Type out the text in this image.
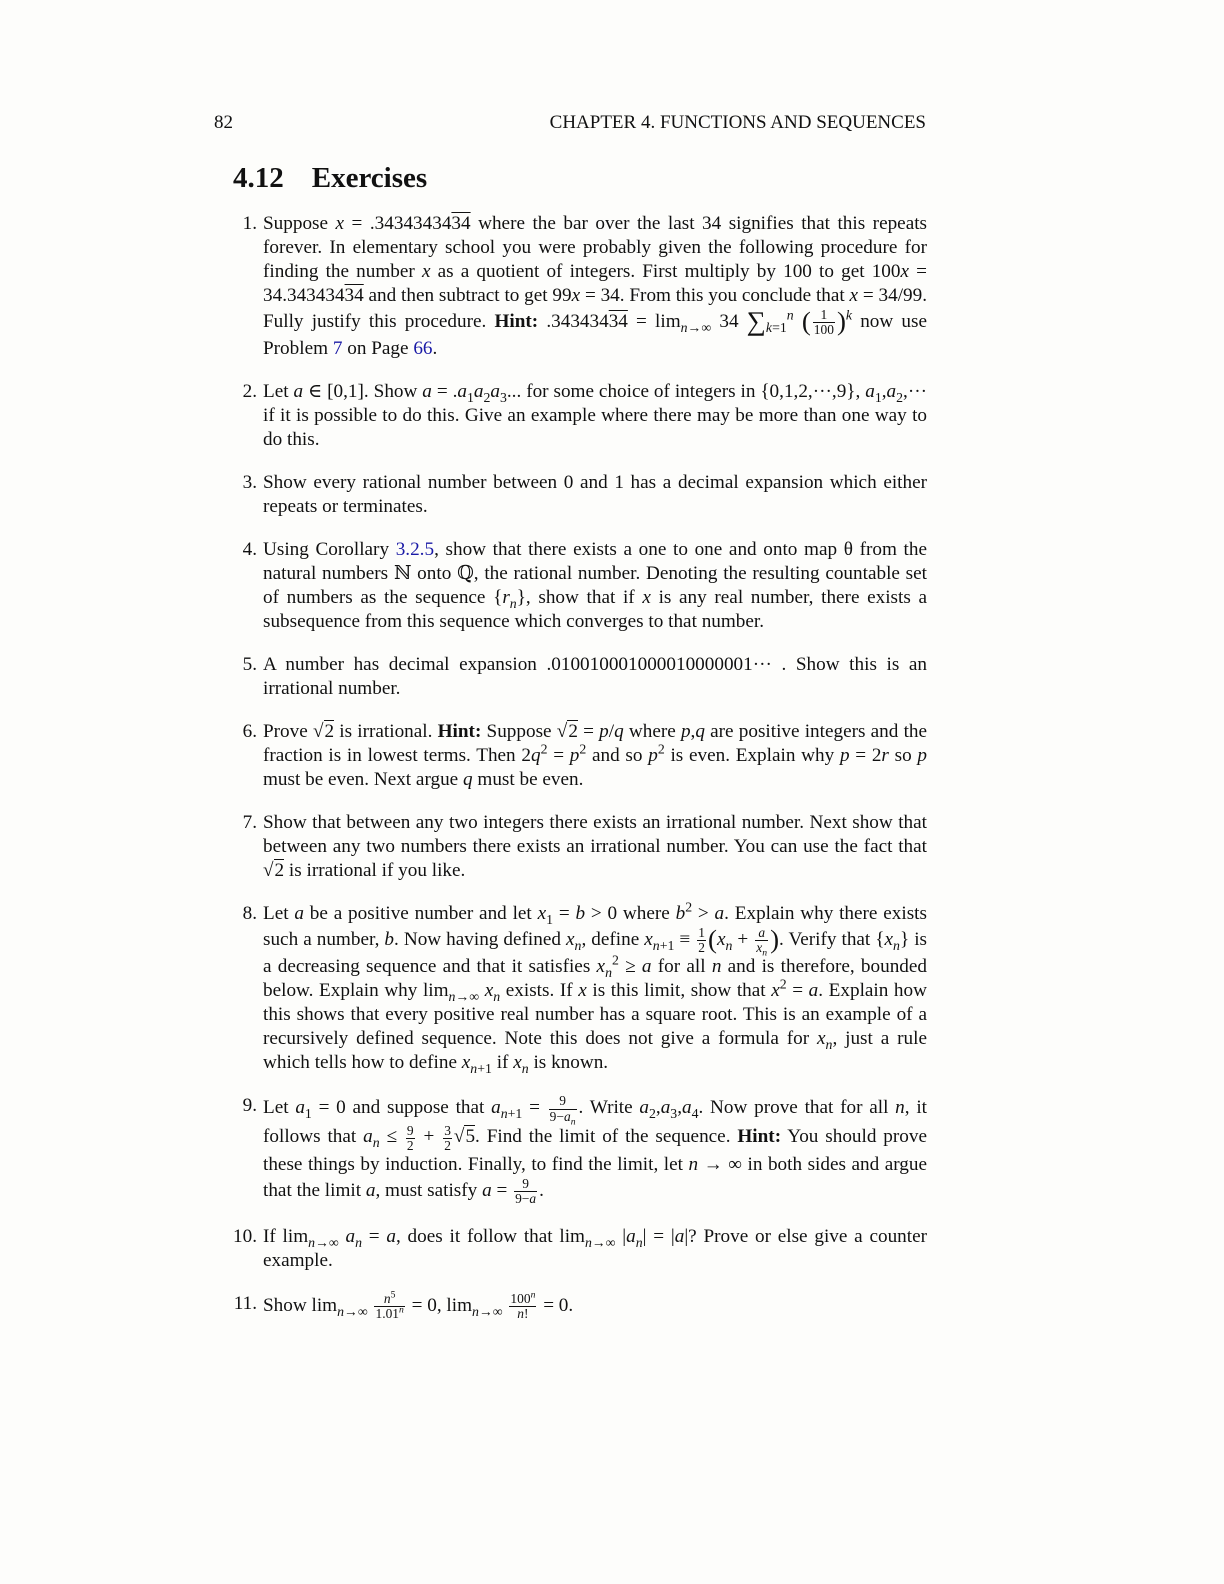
82	CHAPTER 4. FUNCTIONS AND SEQUENCES
4.12 Exercises
1. Suppose x = .3434343434 where the bar over the last 34 signifies that this repeats forever. In elementary school you were probably given the following procedure for finding the number x as a quotient of integers. First multiply by 100 to get 100x = 34.34343434 and then subtract to get 99x = 34. From this you conclude that x = 34/99. Fully justify this procedure. Hint: $.34343434 = \lim_{n\to\infty} 34$ $\sum_{k=1}^n$ ( $\frac{1}{100} )^k$ now use Problem 7 on Page 66.
2. Let a ∈ [0,1]. Show $a = .a_1a_2a_3$... for some choice of integers in {0,1,2,···,9}, $a_1,a_2,\cdot\cdot\cdot$ if it is possible to do this. Give an example where there may be more than one way to do this.
3. Show every rational number between 0 and 1 has a decimal expansion which either repeats or terminates.
4. Using Corollary 3.2.5, show that there exists a one to one and onto map θ from the natural numbers ℕ onto ℚ, the rational number. Denoting the resulting countable set of numbers as the sequence $\{r_n\}$, show that if x is any real number, there exists a subsequence from this sequence which converges to that number.
5. A number has decimal expansion .010010001000010000001··· . Show this is an irrational number.
6. Prove √2 is irrational. Hint: Suppose √2 = p/q where p,q are positive integers and the fraction is in lowest terms. Then $2q^2 = p^2$ and so $p^2$ is even. Explain why p = 2r so p must be even. Next argue q must be even.
7. Show that between any two integers there exists an irrational number. Next show that between any two numbers there exists an irrational number. You can use the fact that √2 is irrational if you like.
8. Let a be a positive number and let $x_1 = b > 0$ where $b^2 > a$. Explain why there exists such a number, b. Now having defined $x_n$, define $x_{n+1} \equiv \frac{1}{2} (x_n + \frac{a}{x_n}$ ). Verify that $\{x_n\}$ is a decreasing sequence and that it satisfies $x_n^2 \ge a$ for all n and is therefore, bounded below. Explain why $\lim_{n\to\infty} x_n$ exists. If x is this limit, show that $x^2 = a$. Explain how this shows that every positive real number has a square root. This is an example of a recursively defined sequence. Note this does not give a formula for $x_n$, just a rule which tells how to define $x_{n+1}$ if $x_n$ is known.
9. Let $a_1 = 0$ and suppose that $a_{n+1} = \frac{9}{9-a_n}$ . Write $a_2,a_3,a_4$. Now prove that for all n, it follows that $a_n \le \frac{9}{2} + \frac{3}{2} √5$. Find the limit of the sequence. Hint: You should prove these things by induction. Finally, to find the limit, let n → ∞ in both sides and argue that the limit a, must satisfy $a = \frac{9}{9-a}$ .
10. If $\lim_{n\to\infty} a_n = a$, does it follow that $\lim_{n\to\infty} |a_n| = |a|$? Prove or else give a counter example.
11. Show $\lim_{n\to\infty} \frac{n^5}{1.01^n} = 0$, $\lim_{n\to\infty} \frac{100^n}{n!} = 0$.
